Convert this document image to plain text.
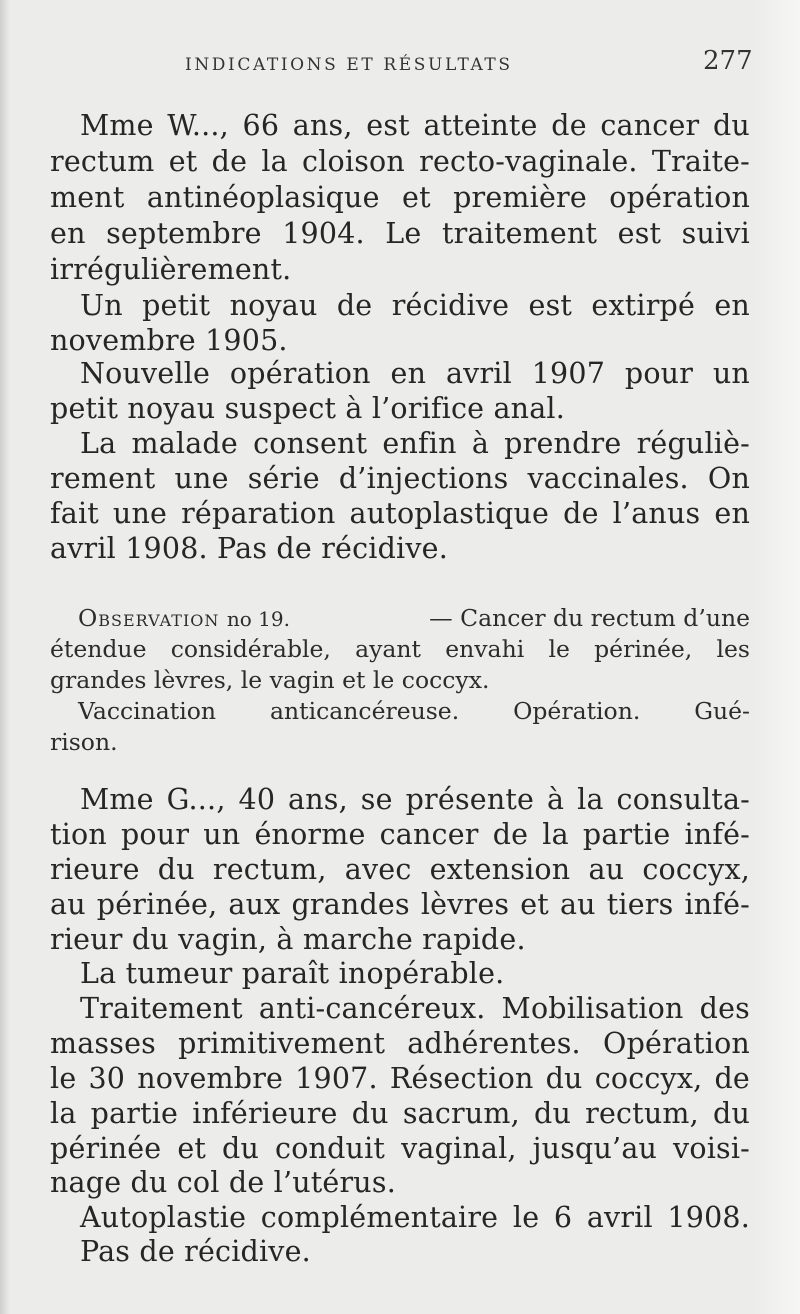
INDICATIONS ET RÉSULTATS	277
Mme W..., 66 ans, est atteinte de cancer du
rectum et de la cloison recto-vaginale. Traite-
ment antinéoplasique et première opération
en septembre 1904. Le traitement est suivi
irrégulièrement.
Un petit noyau de récidive est extirpé en
novembre 1905.
Nouvelle opération en avril 1907 pour un
petit noyau suspect à l’orifice anal.
La malade consent enfin à prendre réguliè-
rement une série d’injections vaccinales. On
fait une réparation autoplastique de l’anus en
avril 1908. Pas de récidive.
Observation no 19.	— Cancer du rectum d’une
étendue considérable, ayant envahi le périnée, les
grandes lèvres, le vagin et le coccyx.
Vaccination anticancéreuse. Opération. Gué-
rison.
Mme G..., 40 ans, se présente à la consulta-
tion pour un énorme cancer de la partie infé-
rieure du rectum, avec extension au coccyx,
au périnée, aux grandes lèvres et au tiers infé-
rieur du vagin, à marche rapide.
La tumeur paraît inopérable.
Traitement anti-cancéreux. Mobilisation des
masses primitivement adhérentes. Opération
le 30 novembre 1907. Résection du coccyx, de
la partie inférieure du sacrum, du rectum, du
périnée et du conduit vaginal, jusqu’au voisi-
nage du col de l’utérus.
Autoplastie complémentaire le 6 avril 1908.
Pas de récidive.
